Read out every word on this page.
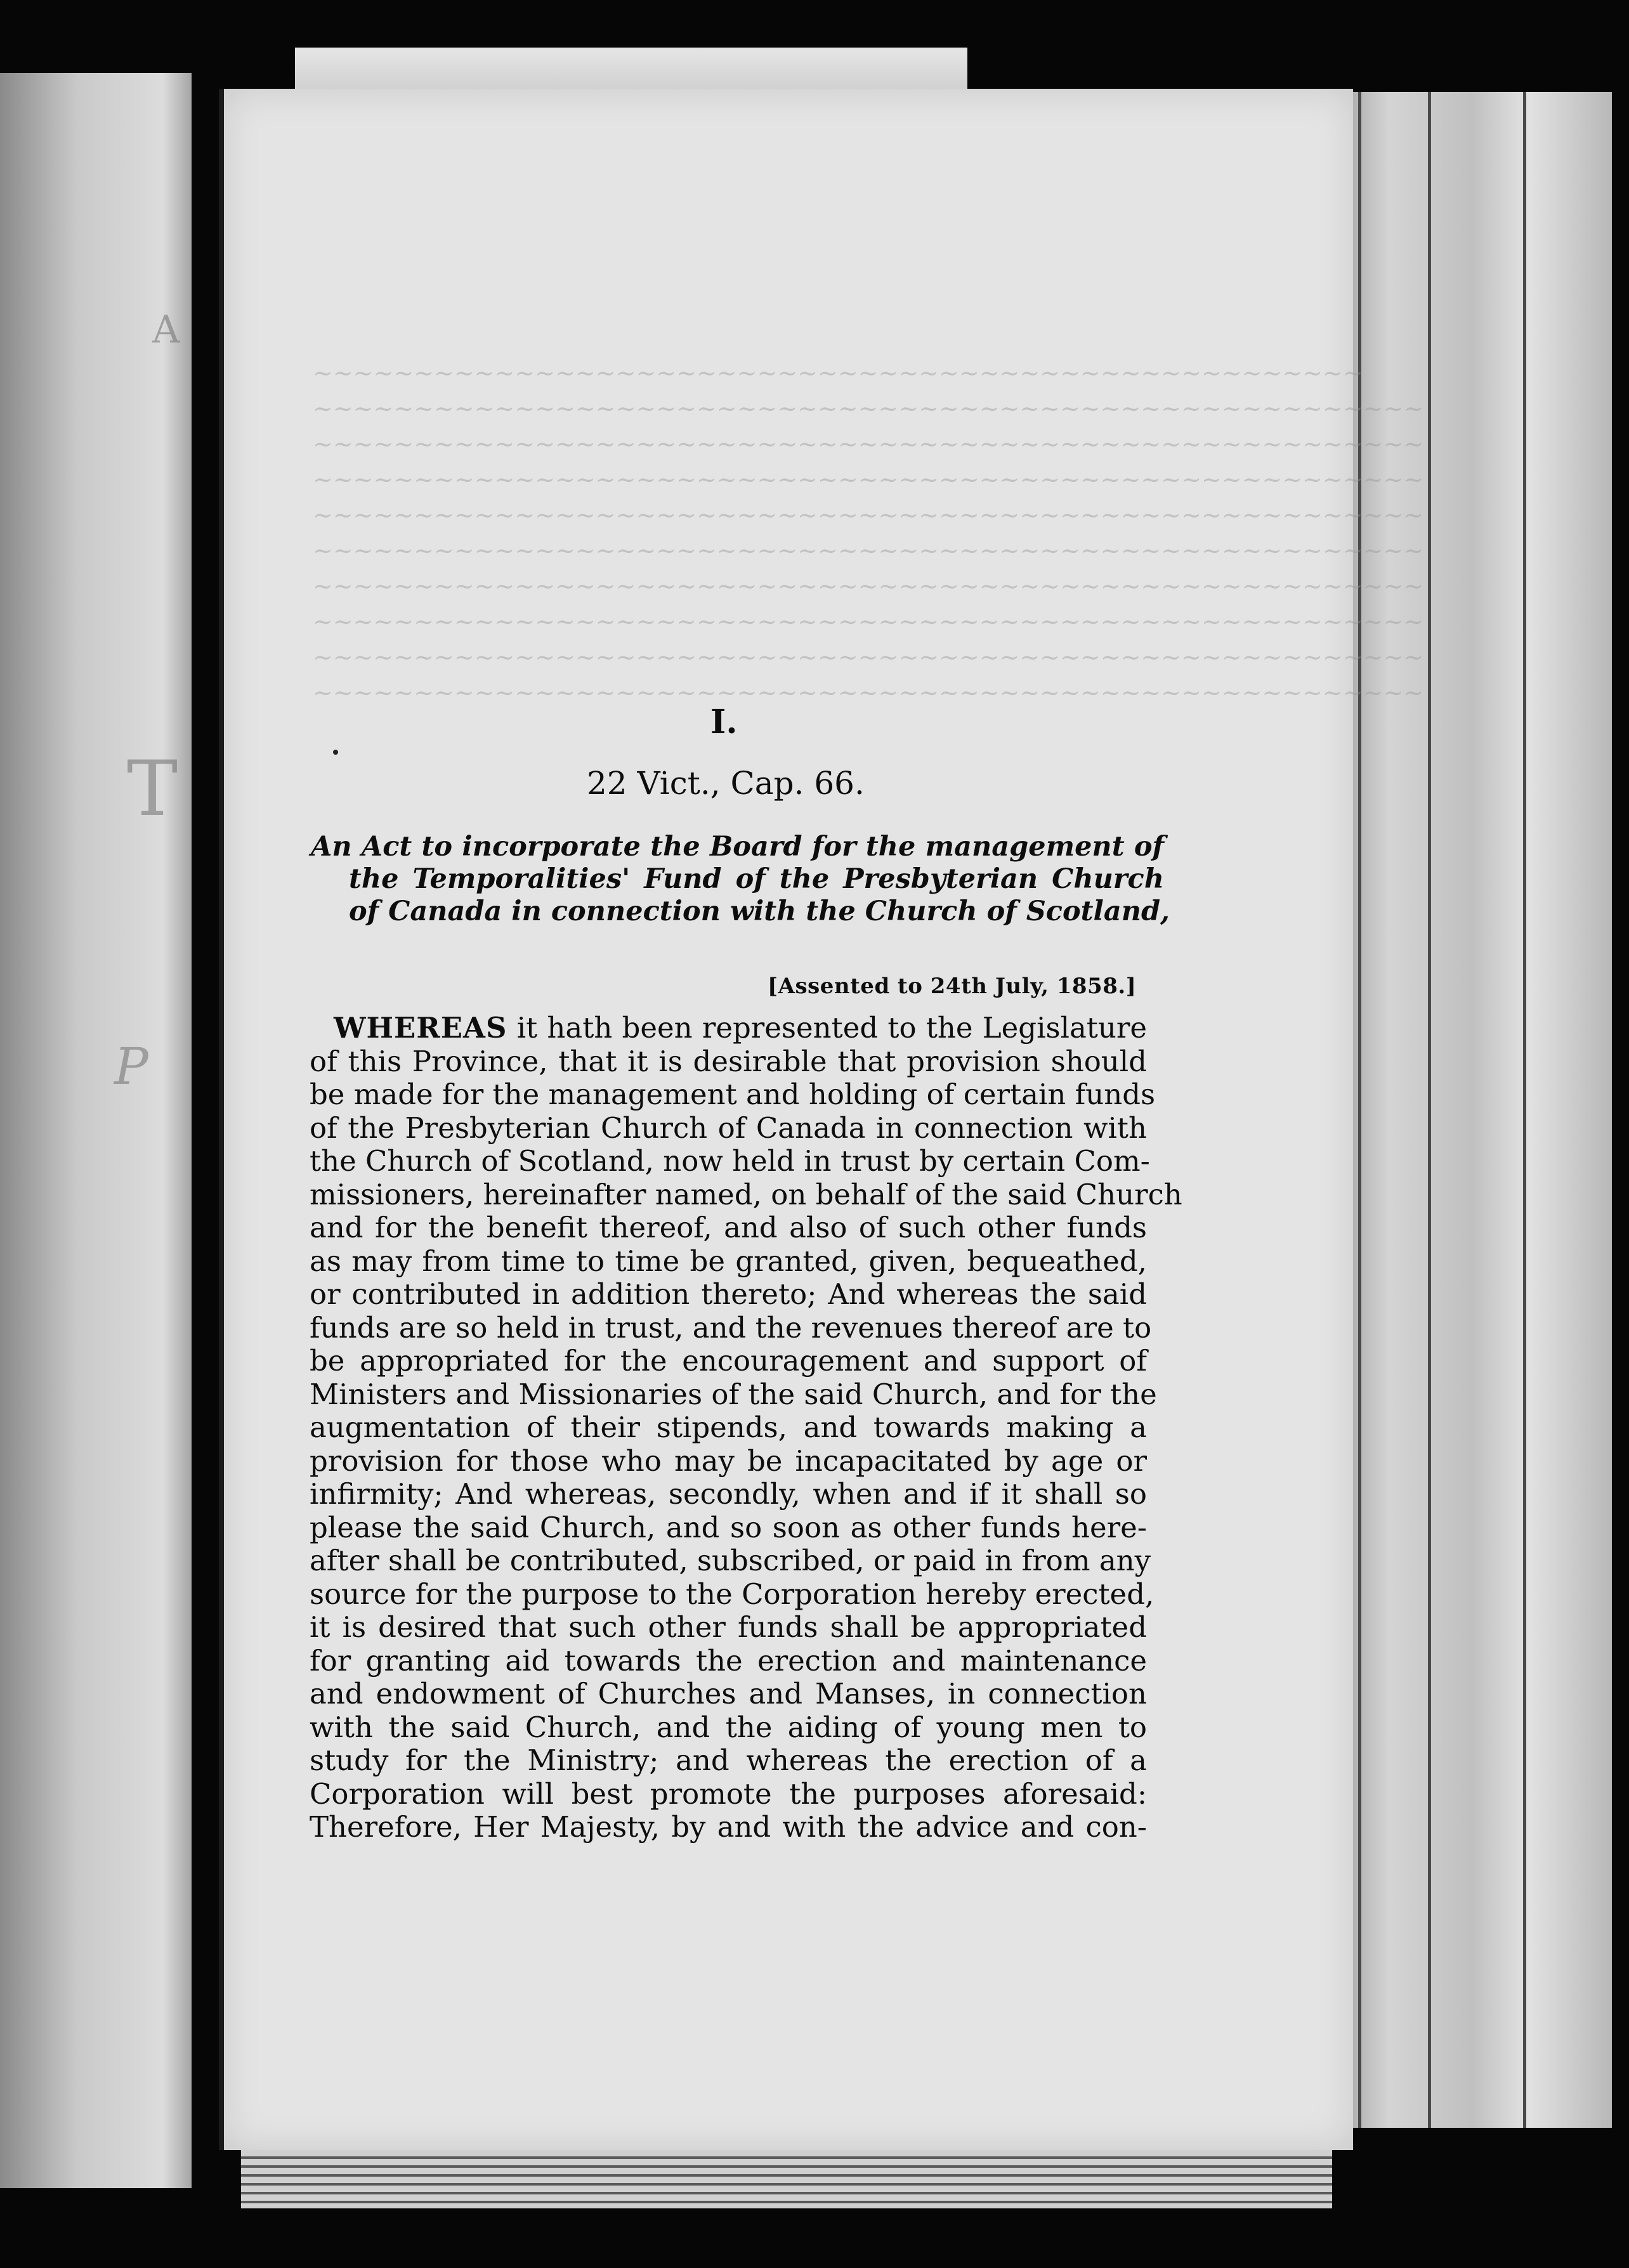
A
T
P
~~~~~~~~~~~~~~~~~~~~~~~~~~~~~~~~~~~~~~~~~~~~~~~~~~~~
~~~~~~~~~~~~~~~~~~~~~~~~~~~~~~~~~~~~~~~~~~~~~~~~~~~~~~~
~~~~~~~~~~~~~~~~~~~~~~~~~~~~~~~~~~~~~~~~~~~~~~~~~~~~~~~
~~~~~~~~~~~~~~~~~~~~~~~~~~~~~~~~~~~~~~~~~~~~~~~~~~~~~~~
~~~~~~~~~~~~~~~~~~~~~~~~~~~~~~~~~~~~~~~~~~~~~~~~~~~~~~~
~~~~~~~~~~~~~~~~~~~~~~~~~~~~~~~~~~~~~~~~~~~~~~~~~~~~~~~
~~~~~~~~~~~~~~~~~~~~~~~~~~~~~~~~~~~~~~~~~~~~~~~~~~~~~~~
~~~~~~~~~~~~~~~~~~~~~~~~~~~~~~~~~~~~~~~~~~~~~~~~~~~~~~~
~~~~~~~~~~~~~~~~~~~~~~~~~~~~~~~~~~~~~~~~~~~~~~~~~~~~~~~
~~~~~~~~~~~~~~~~~~~~~~~~~~~~~~~~~~~~~~~~~~~~~~~~~~~~~~~

I.

22 Vict., Cap. 66.

An Act to incorporate the Board for the management of
the Temporalities' Fund of the Presbyterian Church
of Canada in connection with the Church of Scotland,

[Assented to 24th July, 1858.]

WHEREAS it hath been represented to the Legislature
of this Province, that it is desirable that provision should
be made for the management and holding of certain funds
of the Presbyterian Church of Canada in connection with
the Church of Scotland, now held in trust by certain Com-
missioners, hereinafter named, on behalf of the said Church
and for the benefit thereof, and also of such other funds
as may from time to time be granted, given, bequeathed,
or contributed in addition thereto; And whereas the said
funds are so held in trust, and the revenues thereof are to
be appropriated for the encouragement and support of
Ministers and Missionaries of the said Church, and for the
augmentation of their stipends, and towards making a
provision for those who may be incapacitated by age or
infirmity; And whereas, secondly, when and if it shall so
please the said Church, and so soon as other funds here-
after shall be contributed, subscribed, or paid in from any
source for the purpose to the Corporation hereby erected,
it is desired that such other funds shall be appropriated
for granting aid towards the erection and maintenance
and endowment of Churches and Manses, in connection
with the said Church, and the aiding of young men to
study for the Ministry; and whereas the erection of a
Corporation will best promote the purposes aforesaid:
Therefore, Her Majesty, by and with the advice and con-
